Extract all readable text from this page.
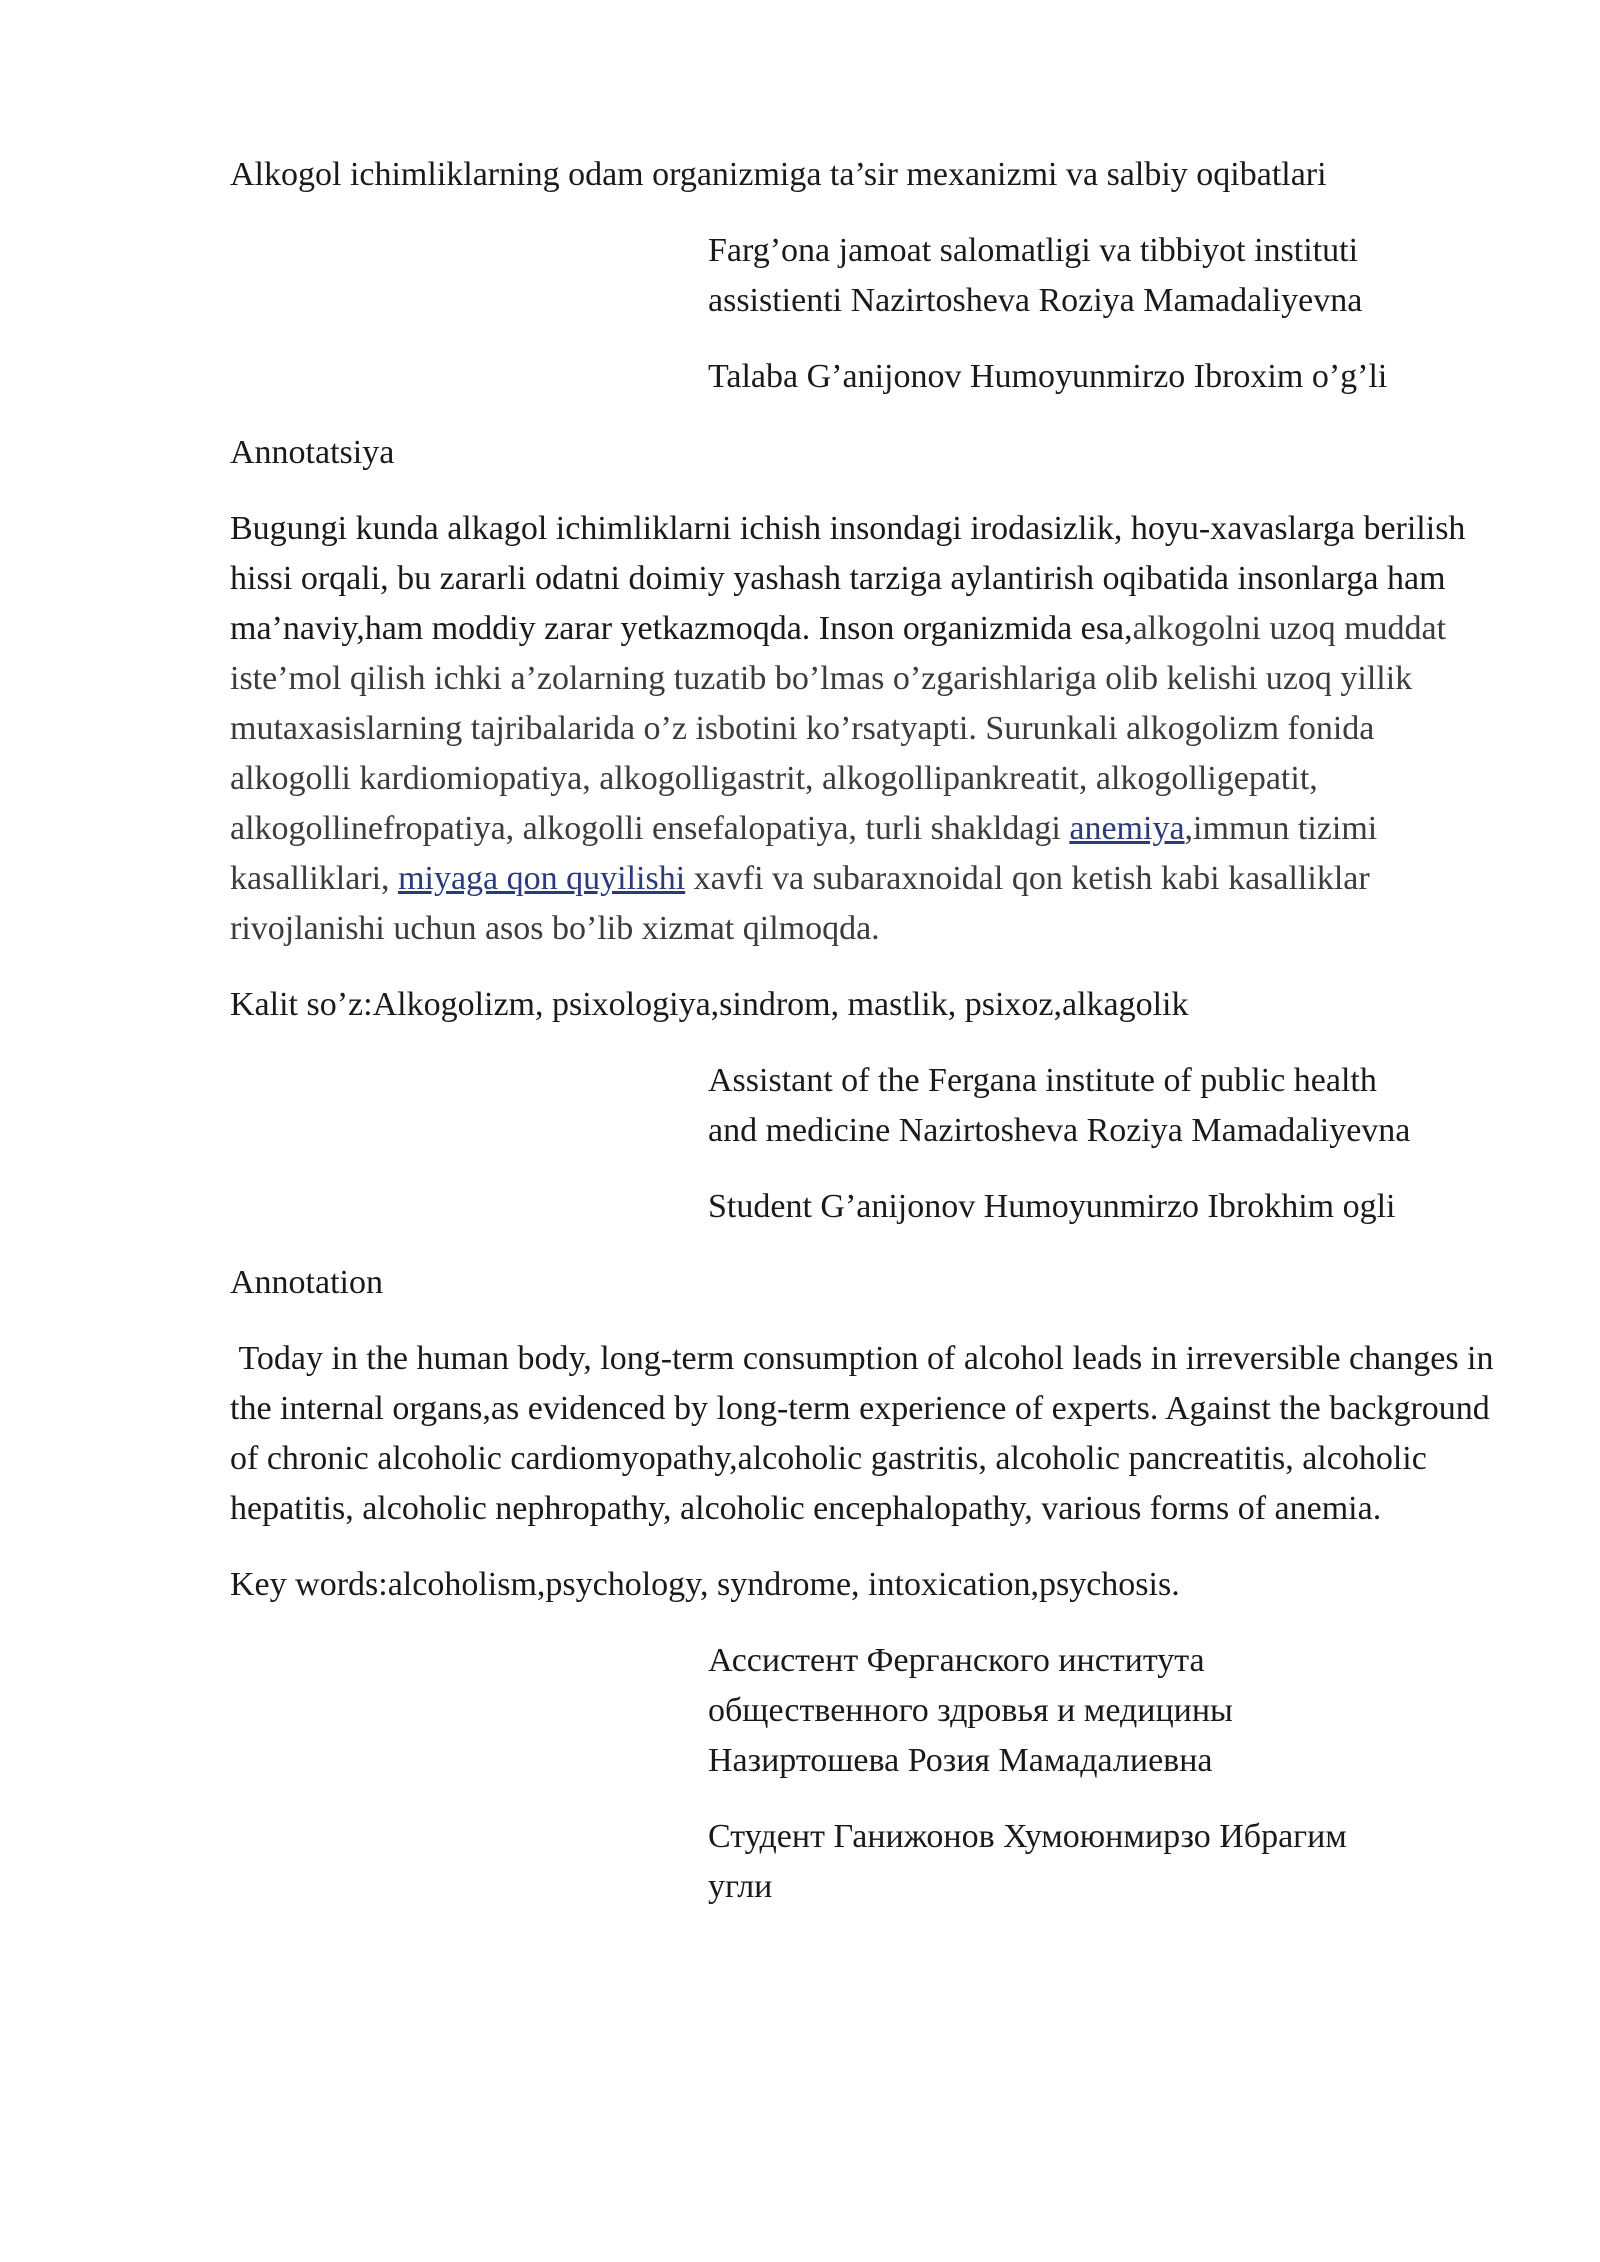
Alkogol ichimliklarning odam organizmiga ta’sir mexanizmi va salbiy oqibatlari

Farg’ona jamoat salomatligi va tibbiyot instituti

assistienti Nazirtosheva Roziya Mamadaliyevna

Talaba G’anijonov Humoyunmirzo Ibroxim o’g’li

Annotatsiya

Bugungi kunda alkagol ichimliklarni ichish insondagi irodasizlik, hoyu-xavaslarga berilish hissi orqali, bu zararli odatni doimiy yashash tarziga aylantirish oqibatida insonlarga ham ma’naviy,ham moddiy zarar yetkazmoqda. Inson organizmida esa,alkogolni uzoq muddat iste’mol qilish ichki a’zolarning tuzatib bo’lmas o’zgarishlariga olib kelishi uzoq yillik mutaxasislarning tajribalarida o’z isbotini ko’rsatyapti. Surunkali alkogolizm fonida alkogolli kardiomiopatiya, alkogolligastrit, alkogollipankreatit, alkogolligepatit, alkogollinefropatiya, alkogolli ensefalopatiya, turli shakldagi anemiya,immun tizimi kasalliklari, miyaga qon quyilishi xavfi va subaraxnoidal qon ketish kabi kasalliklar rivojlanishi uchun asos bo’lib xizmat qilmoqda.

Kalit so’z:Alkogolizm, psixologiya,sindrom, mastlik, psixoz,alkagolik

Assistant of the Fergana institute of public health

and medicine Nazirtosheva Roziya Mamadaliyevna

Student G’anijonov Humoyunmirzo Ibrokhim ogli

Annotation

Today in the human body, long-term consumption of alcohol leads in irreversible changes in the internal organs,as evidenced by long-term experience of experts. Against the background  of chronic alcoholic cardiomyopathy,alcoholic gastritis, alcoholic pancreatitis, alcoholic hepatitis, alcoholic nephropathy, alcoholic encephalopathy, various forms of anemia.

Key words:alcoholism,psychology, syndrome, intoxication,psychosis.

Ассистент Ферганского института

общественного здровья и медицины

Назиртошева Розия Мамадалиевна

Студент Ганижонов Хумоюнмирзо Ибрагим

угли
